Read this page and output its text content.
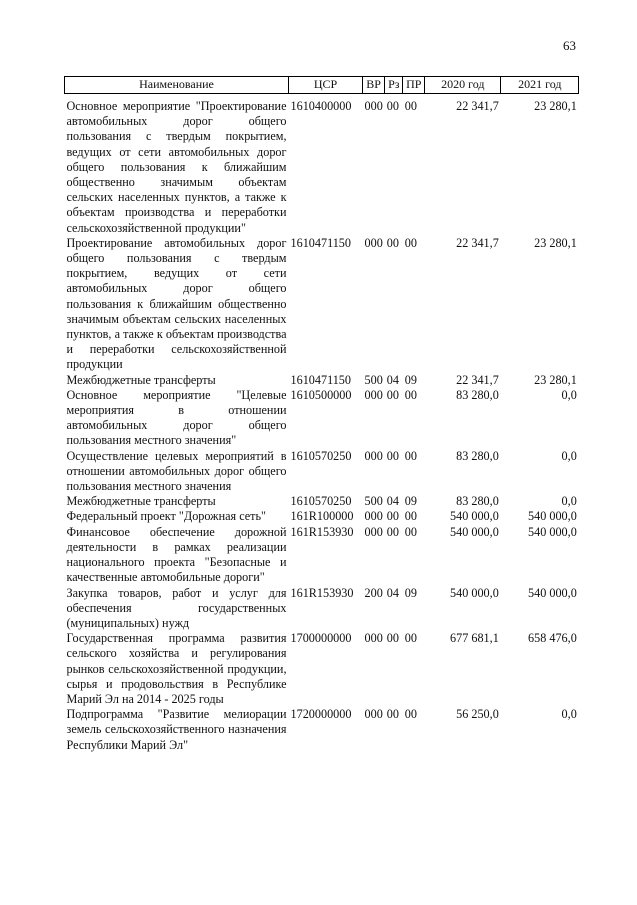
63
Наименование	ЦСР	ВР	Рз	ПР	2020 год	2021 год

Основное мероприятие "Проектирование автомобильных дорог общего пользования с твердым покрытием, ведущих от сети автомобильных дорог общего пользования к ближайшим общественно значимым объектам сельских населенных пунктов, а также к объектам производства и переработки сельскохозяйственной продукции"	1610400000	000	00	00	22 341,7	23 280,1
Проектирование автомобильных дорог общего пользования с твердым покрытием, ведущих от сети автомобильных дорог общего пользования к ближайшим общественно значимым объектам сельских населенных пунктов, а также к объектам производства и переработки сельскохозяйственной продукции	1610471150	000	00	00	22 341,7	23 280,1
Межбюджетные трансферты	1610471150	500	04	09	22 341,7	23 280,1
Основное мероприятие "Целевые мероприятия в отношении автомобильных дорог общего пользования местного значения"	1610500000	000	00	00	83 280,0	0,0
Осуществление целевых мероприятий в отношении автомобильных дорог общего пользования местного значения	1610570250	000	00	00	83 280,0	0,0
Межбюджетные трансферты	1610570250	500	04	09	83 280,0	0,0
Федеральный проект "Дорожная сеть"	161R100000	000	00	00	540 000,0	540 000,0
Финансовое обеспечение дорожной деятельности в рамках реализации национального проекта "Безопасные и качественные автомобильные дороги"	161R153930	000	00	00	540 000,0	540 000,0
Закупка товаров, работ и услуг для обеспечения государственных (муниципальных) нужд	161R153930	200	04	09	540 000,0	540 000,0
Государственная программа развития сельского хозяйства и регулирования рынков сельскохозяйственной продукции, сырья и продовольствия в Республике Марий Эл на 2014 - 2025 годы	1700000000	000	00	00	677 681,1	658 476,0
Подпрограмма "Развитие мелиорации земель сельскохозяйственного назначения Республики Марий Эл"	1720000000	000	00	00	56 250,0	0,0
